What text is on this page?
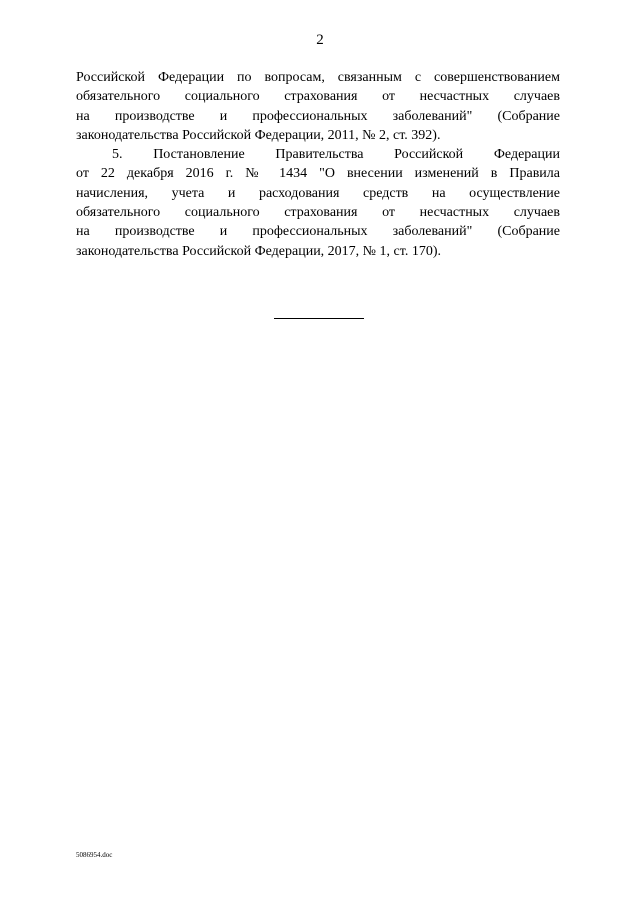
2
Российской Федерации по вопросам, связанным с совершенствованием
обязательного социального страхования от несчастных случаев
на производстве и профессиональных заболеваний" (Собрание
законодательства Российской Федерации, 2011, № 2, ст. 392).
5. Постановление Правительства Российской Федерации
от 22 декабря 2016 г. № 1434 "О внесении изменений в Правила
начисления, учета и расходования средств на осуществление
обязательного социального страхования от несчастных случаев
на производстве и профессиональных заболеваний" (Собрание
законодательства Российской Федерации, 2017, № 1, ст. 170).
5086954.doc
